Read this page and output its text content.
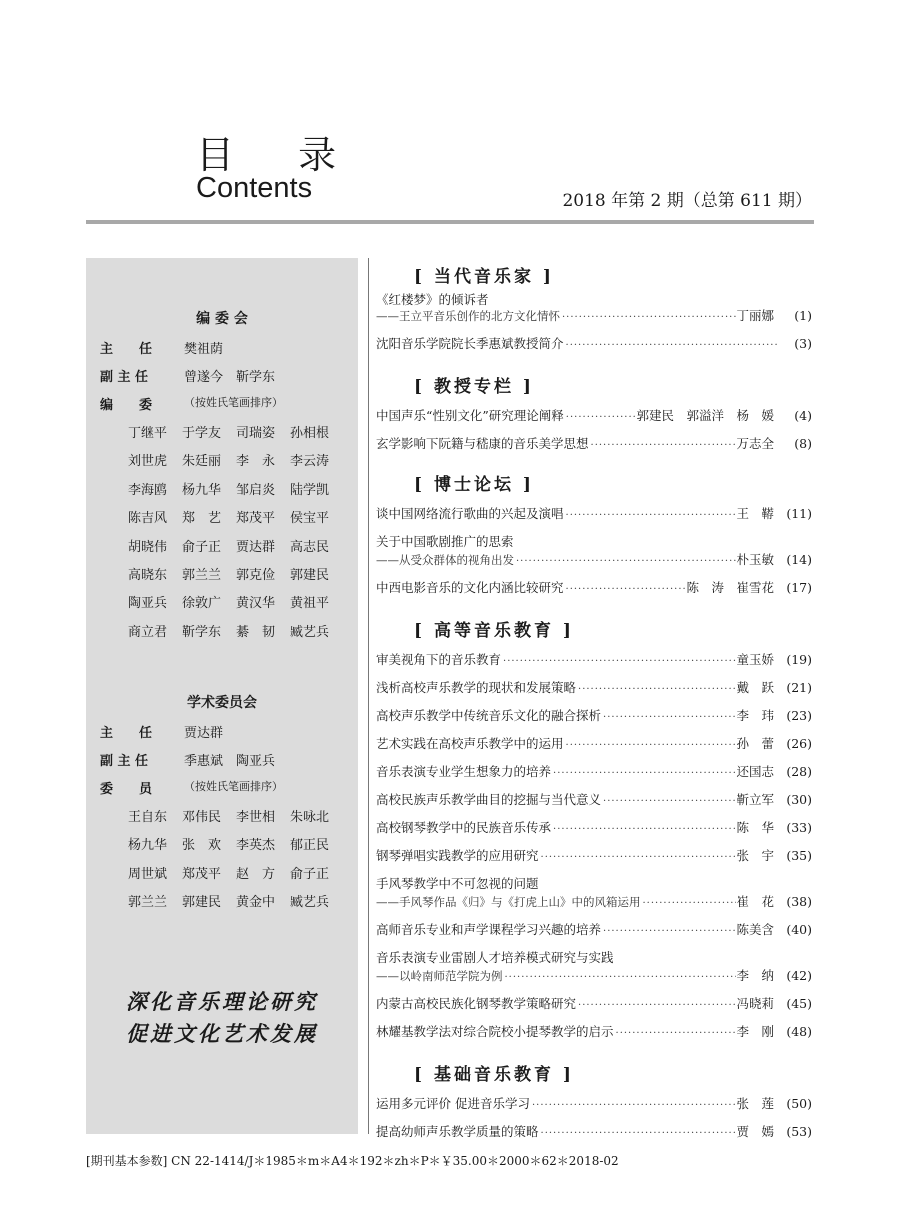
目 录
Contents	2018 年第 2 期（总第 611 期）
编 委 会
主　　任	樊祖荫
副 主 任	曾遂今　靳学东
编　　委	（按姓氏笔画排序）
丁继平	于学友	司瑞姿	孙相根
刘世虎	朱廷丽	李　永	李云涛
李海鸥	杨九华	邹启炎	陆学凯
陈吉风	郑　艺	郑茂平	侯宝平
胡晓伟	俞子正	贾达群	高志民
高晓东	郭兰兰	郭克俭	郭建民
陶亚兵	徐敦广	黄汉华	黄祖平
商立君	靳学东	綦　韧	臧艺兵
学术委员会
主　　任	贾达群
副 主 任	季惠斌　陶亚兵
委　　员	（按姓氏笔画排序）
王自东	邓伟民	李世相	朱咏北
杨九华	张　欢	李英杰	郁正民
周世斌	郑茂平	赵　方	俞子正
郭兰兰	郭建民	黄金中	臧艺兵
深化音乐理论研究
促进文化艺术发展
[ 当代音乐家 ]
《红楼梦》的倾诉者
——王立平音乐创作的北方文化情怀 ·····	丁丽娜	(1)
沈阳音乐学院院长季惠斌教授简介 ·····	(3)
[ 教授专栏 ]
中国声乐“性别文化”研究理论阐释 ·····	郭建民　郭溢洋　杨　媛	(4)
玄学影响下阮籍与嵇康的音乐美学思想 ·····	万志全	(8)
[ 博士论坛 ]
谈中国网络流行歌曲的兴起及演唱 ·····	王　鞯 (11)
关于中国歌剧推广的思索
——从受众群体的视角出发 ·····	朴玉敏 (14)
中西电影音乐的文化内涵比较研究 ·····	陈　涛　崔雪花 (17)
[ 高等音乐教育 ]
审美视角下的音乐教育 ·····	童玉娇 (19)
浅析高校声乐教学的现状和发展策略 ·····	戴　跃 (21)
高校声乐教学中传统音乐文化的融合探析 ·····	李　玮 (23)
艺术实践在高校声乐教学中的运用 ·····	孙　蕾 (26)
音乐表演专业学生想象力的培养 ·····	还国志 (28)
高校民族声乐教学曲目的挖掘与当代意义 ·····	靳立军 (30)
高校钢琴教学中的民族音乐传承 ·····	陈　华 (33)
钢琴弹唱实践教学的应用研究 ·····	张　宇 (35)
手风琴教学中不可忽视的问题
——手风琴作品《归》与《打虎上山》中的风箱运用 ·····	崔　花 (38)
高师音乐专业和声学课程学习兴趣的培养 ·····	陈美含 (40)
音乐表演专业雷剧人才培养模式研究与实践
——以岭南师范学院为例 ·····	李　纳 (42)
内蒙古高校民族化钢琴教学策略研究 ·····	冯晓莉 (45)
林耀基教学法对综合院校小提琴教学的启示 ·····	李　刚 (48)
[ 基础音乐教育 ]
运用多元评价 促进音乐学习 ·····	张　莲 (50)
提高幼师声乐教学质量的策略 ·····	贾　嫣 (53)
[期刊基本参数] CN 22-1414/J＊1985＊m＊A4＊192＊zh＊P＊￥35.00＊2000＊62＊2018-02
